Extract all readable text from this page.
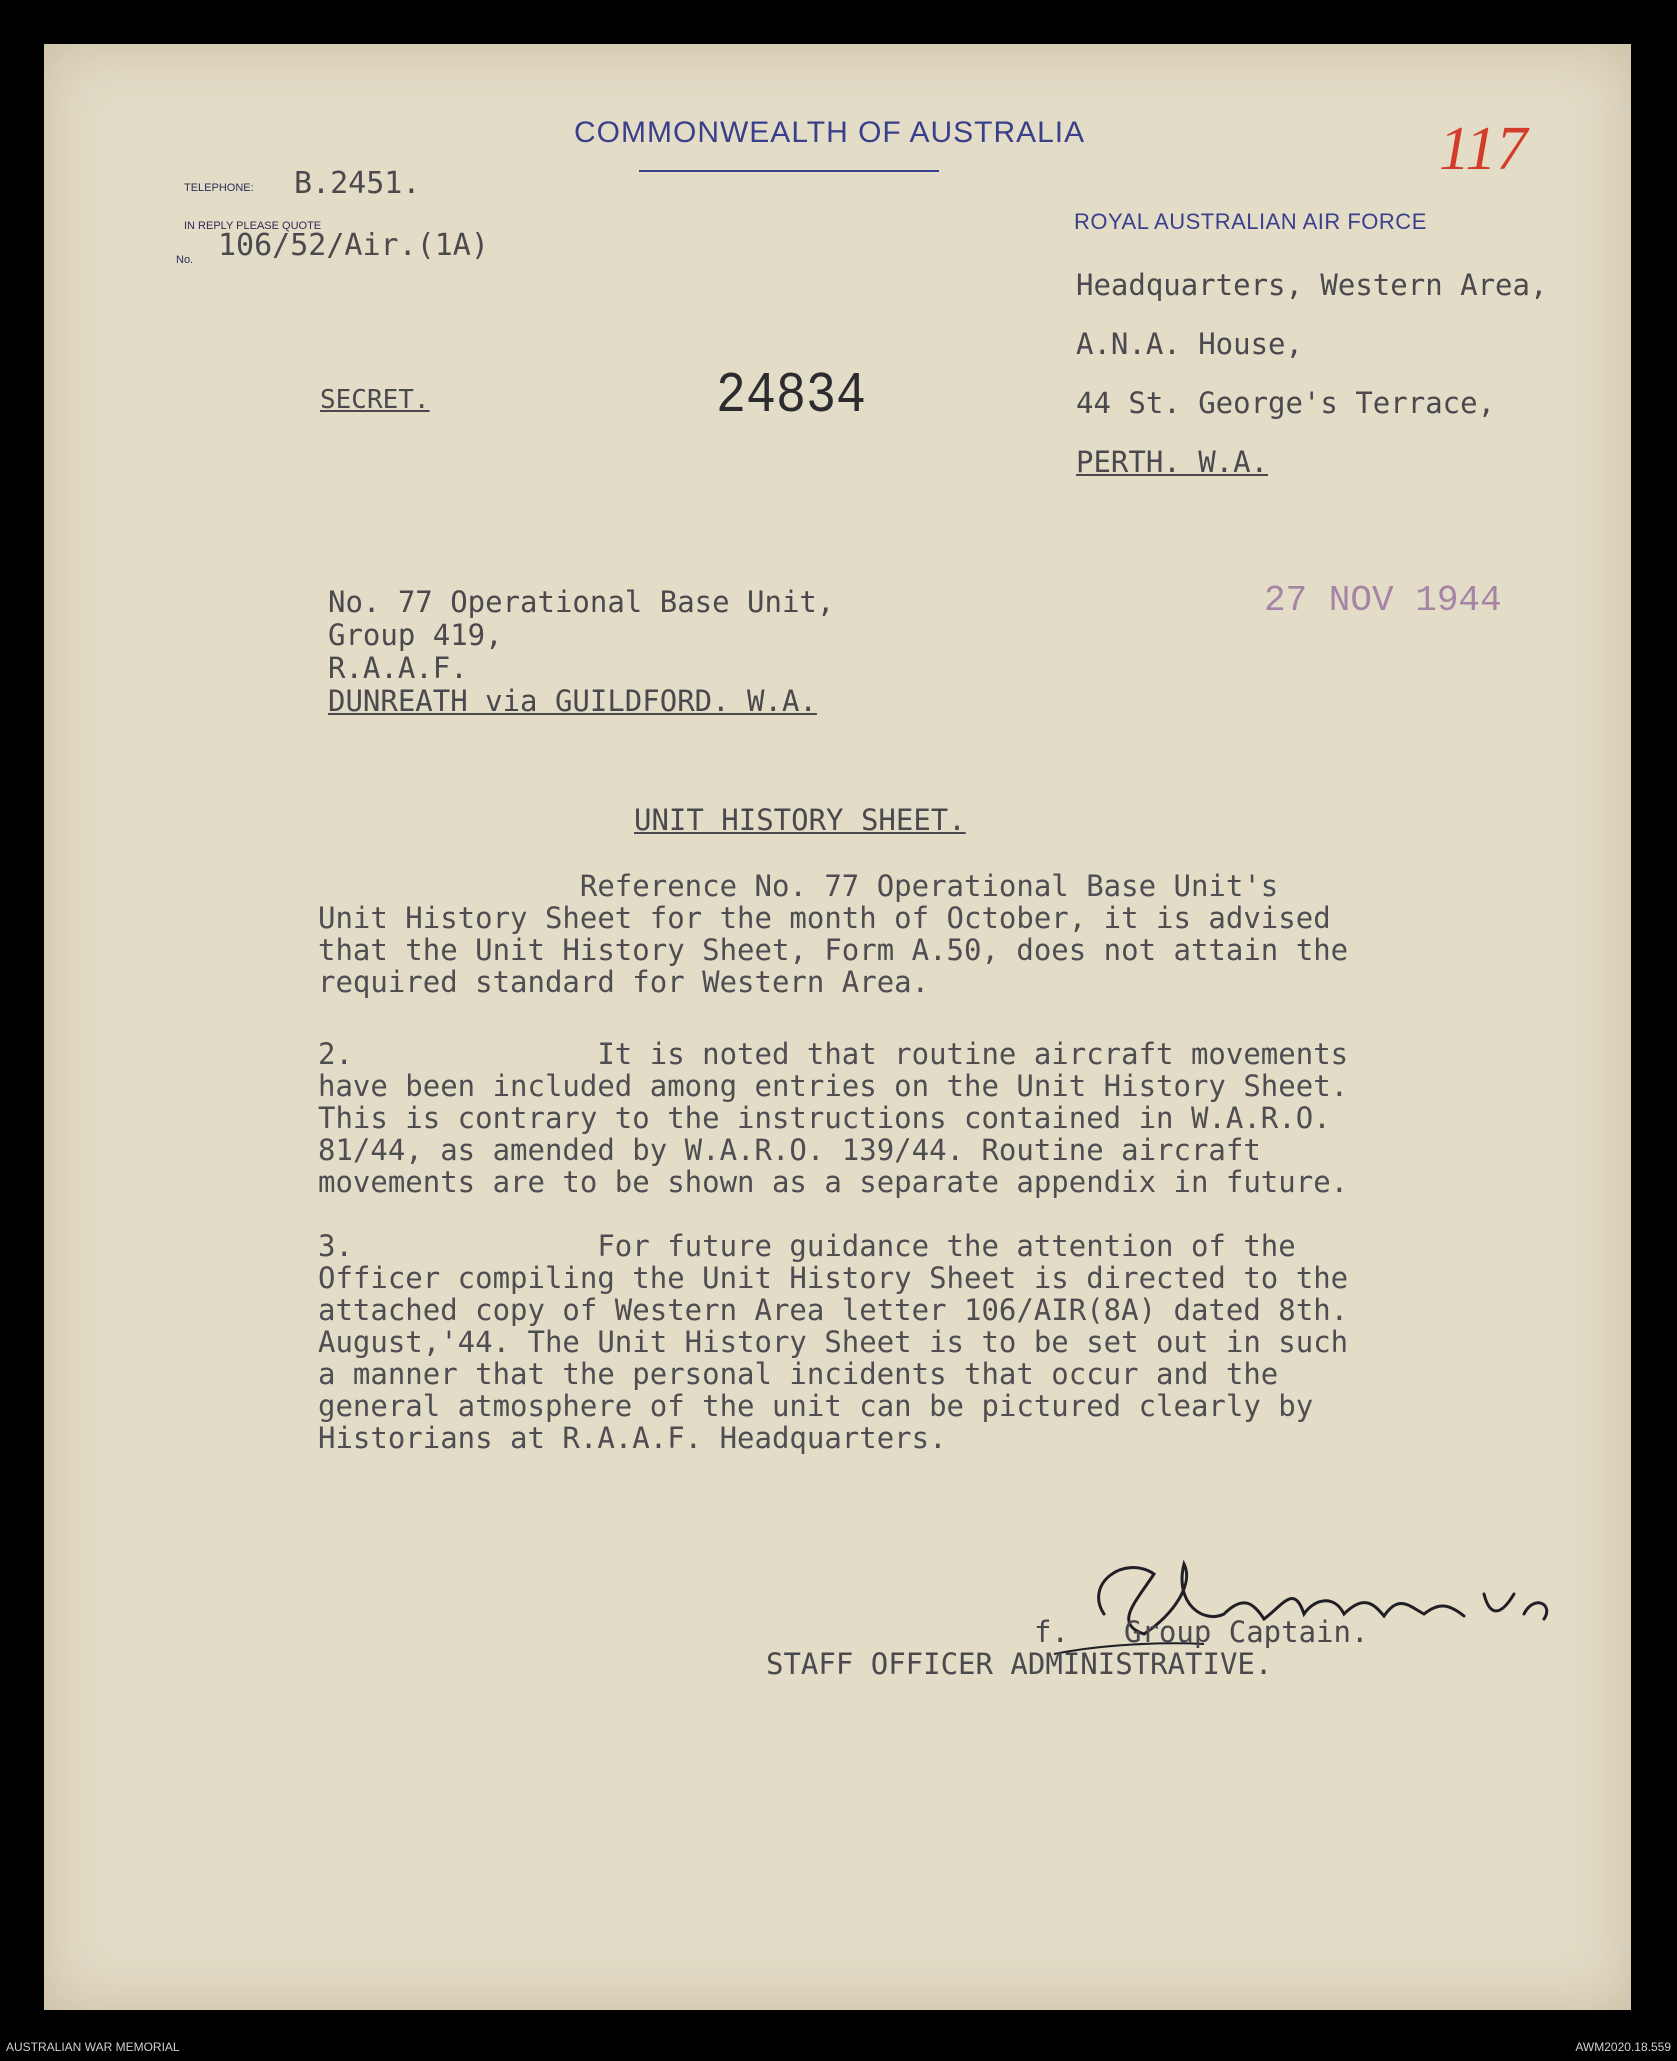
117
COMMONWEALTH OF AUSTRALIA
ROYAL AUSTRALIAN AIR FORCE
TELEPHONE: B.2451.
IN REPLY PLEASE QUOTE
No. 106/52/Air.(1A)
SECRET.	24834
Headquarters, Western Area,
A.N.A. House,
44 St. George's Terrace,
PERTH. W.A.
27 NOV 1944
No. 77 Operational Base Unit,
Group 419,
R.A.A.F.
DUNREATH via GUILDFORD. W.A.
UNIT HISTORY SHEET.
Reference No. 77 Operational Base Unit's
Unit History Sheet for the month of October, it is advised
that the Unit History Sheet, Form A.50, does not attain the
required standard for Western Area.
2.              It is noted that routine aircraft movements
have been included among entries on the Unit History Sheet.
This is contrary to the instructions contained in W.A.R.O.
81/44, as amended by W.A.R.O. 139/44. Routine aircraft
movements are to be shown as a separate appendix in future.
3.              For future guidance the attention of the
Officer compiling the Unit History Sheet is directed to the
attached copy of Western Area letter 106/AIR(8A) dated 8th.
August,'44. The Unit History Sheet is to be set out in such
a manner that the personal incidents that occur and the
general atmosphere of the unit can be pictured clearly by
Historians at R.A.A.F. Headquarters.
f. Group Captain.
STAFF OFFICER ADMINISTRATIVE.
AUSTRALIAN WAR MEMORIAL	AWM2020.18.559
